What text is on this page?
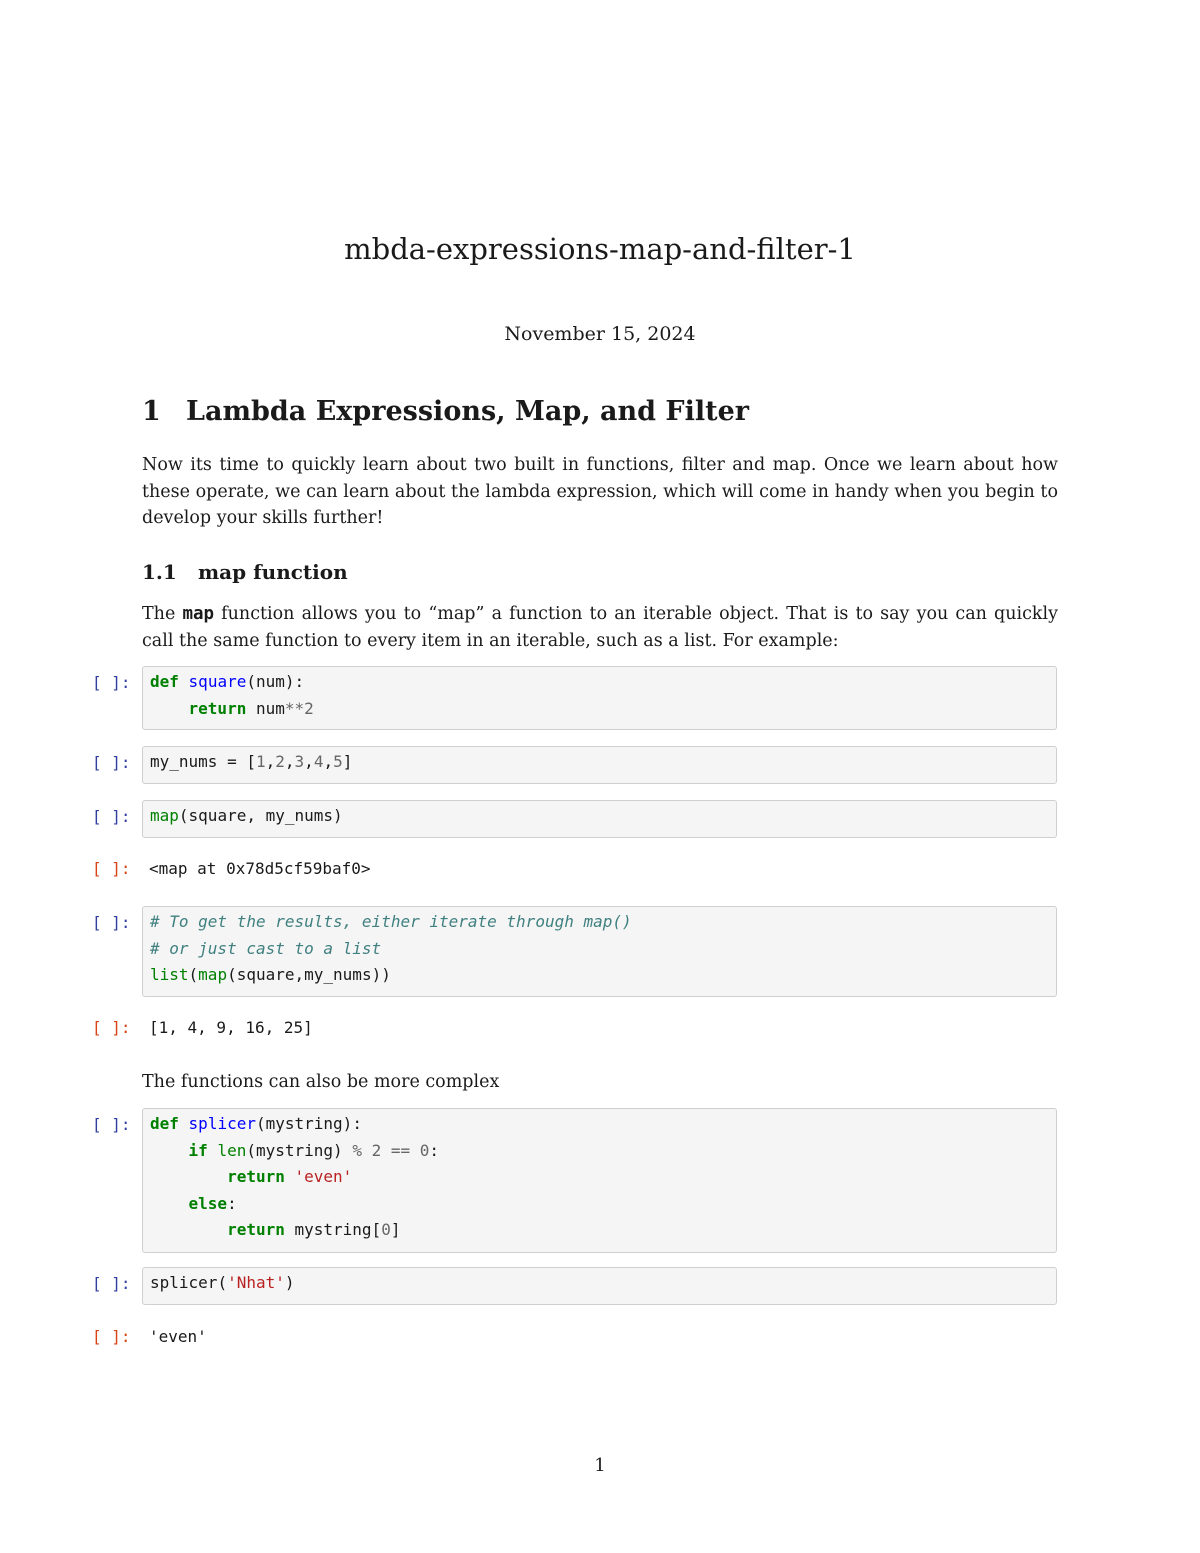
mbda-expressions-map-and-filter-1
November 15, 2024
1 Lambda Expressions, Map, and Filter

Now its time to quickly learn about two built in functions, filter and map. Once we learn about how these operate, we can learn about the lambda expression, which will come in handy when you begin to develop your skills further!

1.1 map function

The map function allows you to “map” a function to an iterable object. That is to say you can quickly call the same function to every item in an iterable, such as a list. For example:

[ ]:	def square(num):
return num**2
[ ]:	my_nums = [1,2,3,4,5]
[ ]:	map(square, my_nums)
[ ]:	<map at 0x78d5cf59baf0>
[ ]:	# To get the results, either iterate through map()
# or just cast to a list
list(map(square,my_nums))
[ ]:	[1, 4, 9, 16, 25]

The functions can also be more complex

[ ]:	def splicer(mystring):
if len(mystring) % 2 == 0:
return 'even'
else:
return mystring[0]
[ ]:	splicer('Nhat')
[ ]:	'even'
1
